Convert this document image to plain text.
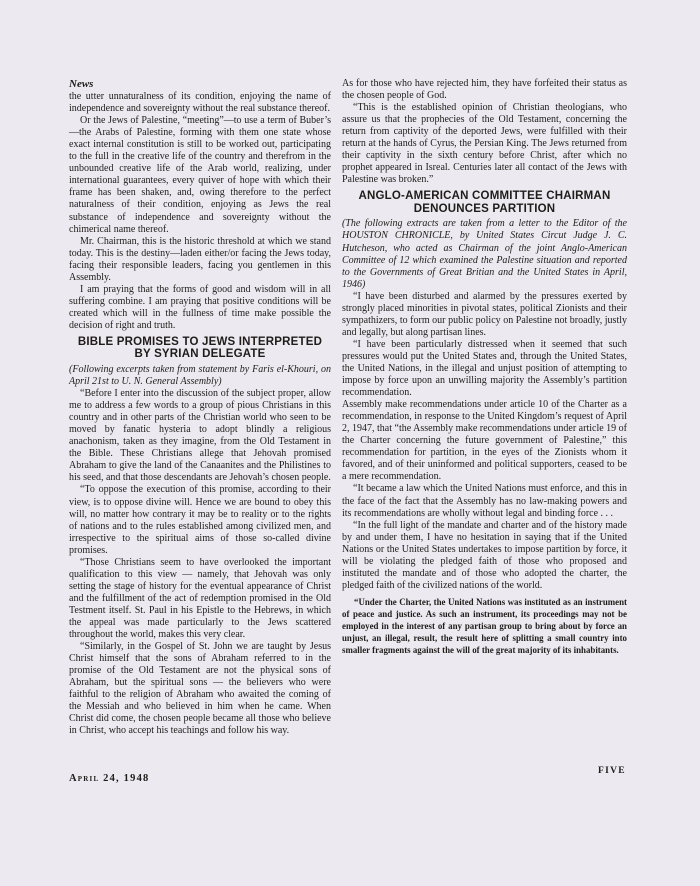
News

the utter unnaturalness of its condition, enjoying the name of independence and sovereignty without the real substance thereof.

Or the Jews of Palestine, “meeting”—to use a term of Buber’s—the Arabs of Palestine, forming with them one state whose exact internal constitution is still to be worked out, participating to the full in the creative life of the country and therefrom in the unbounded creative life of the Arab world, realizing, under international guarantees, every quiver of hope with which their frame has been shaken, and, owing therefore to the perfect naturalness of their condition, enjoying as Jews the real substance of independence and sovereignty without the chimerical name thereof.

Mr. Chairman, this is the historic threshold at which we stand today. This is the destiny—laden either/or facing the Jews today, facing their responsible leaders, facing you gentlemen in this Assembly.

I am praying that the forms of good and wisdom will in all suffering combine. I am praying that positive conditions will be created which will in the fullness of time make possible the decision of right and truth.

BIBLE PROMISES TO JEWS INTERPRETED BY SYRIAN DELEGATE

(Following excerpts taken from statement by Faris el-Khouri, on April 21st to U. N. General Assembly)

“Before I enter into the discussion of the subject proper, allow me to address a few words to a group of pious Christians in this country and in other parts of the Christian world who seen to be moved by fanatic hysteria to adopt blindly a religious anachonism, taken as they imagine, from the Old Testament in the Bible. These Christians allege that Jehovah promised Abraham to give the land of the Canaanites and the Philistines to his seed, and that those descendants are Jehovah’s chosen people.

“To oppose the execution of this promise, according to their view, is to oppose divine will. Hence we are bound to obey this will, no matter how contrary it may be to reality or to the rights of nations and to the rules established among civilized men, and irrespective to the spiritual aims of those so-called divine promises.

“Those Christians seem to have overlooked the important qualification to this view — namely, that Jehovah was only setting the stage of history for the eventual appearance of Christ and the fulfillment of the act of redemption promised in the Old Testment itself. St. Paul in his Epistle to the Hebrews, in which the appeal was made particularly to the Jews scattered throughout the world, makes this very clear.

“Similarly, in the Gospel of St. John we are taught by Jesus Christ himself that the sons of Abraham referred to in the promise of the Old Testament are not the physical sons of Abraham, but the spiritual sons — the believers who were faithful to the religion of Abraham who awaited the coming of the Messiah and who believed in him when he came. When Christ did come, the chosen people became all those who believe in Christ, who accept his teachings and follow his way.

As for those who have rejected him, they have forfeited their status as the chosen people of God.

“This is the established opinion of Christian theologians, who assure us that the prophecies of the Old Testament, concerning the return from captivity of the deported Jews, were fulfilled with their return at the hands of Cyrus, the Persian King. The Jews returned from their captivity in the sixth century before Christ, after which no prophet appeared in Isreal. Centuries later all contact of the Jews with Palestine was broken.”

ANGLO-AMERICAN COMMITTEE CHAIRMAN DENOUNCES PARTITION

(The following extracts are taken from a letter to the Editor of the HOUSTON CHRONICLE, by United States Circut Judge J. C. Hutcheson, who acted as Chairman of the joint Anglo-American Committee of 12 which examined the Palestine situation and reported to the Governments of Great Britian and the United States in April, 1946)

“I have been disturbed and alarmed by the pressures exerted by strongly placed minorities in pivotal states, political Zionists and their sympathizers, to form our public policy on Palestine not broadly, justly and legally, but along partisan lines.

“I have been particularly distressed when it seemed that such pressures would put the United States and, through the United States, the United Nations, in the illegal and unjust position of attempting to impose by force upon an unwilling majority the Assembly’s partition recommendation.

Assembly make recommendations under article 10 of the Charter as a recommendation, in response to the United Kingdom’s request of April 2, 1947, that “the Assembly make recommendations under article 19 of the Charter concerning the future government of Palestine,” this recommendation for partition, in the eyes of the Zionists whom it favored, and of their uninformed and political supporters, ceased to be a mere recommendation.

“It became a law which the United Nations must enforce, and this in the face of the fact that the Assembly has no law-making powers and its recommendations are wholly without legal and binding force . . .

“In the full light of the mandate and charter and of the history made by and under them, I have no hesitation in saying that if the United Nations or the United States undertakes to impose partition by force, it will be violating the pledged faith of those who proposed and instituted the mandate and of those who adopted the charter, the pledged faith of the civilized nations of the world.

“Under the Charter, the United Nations was instituted as an instrument of peace and justice. As such an instrument, its proceedings may not be employed in the interest of any partisan group to bring about by force an unjust, an illegal, result, the result here of splitting a small country into smaller fragments against the will of the great majority of its inhabitants.

April 24, 1948
FIVE
